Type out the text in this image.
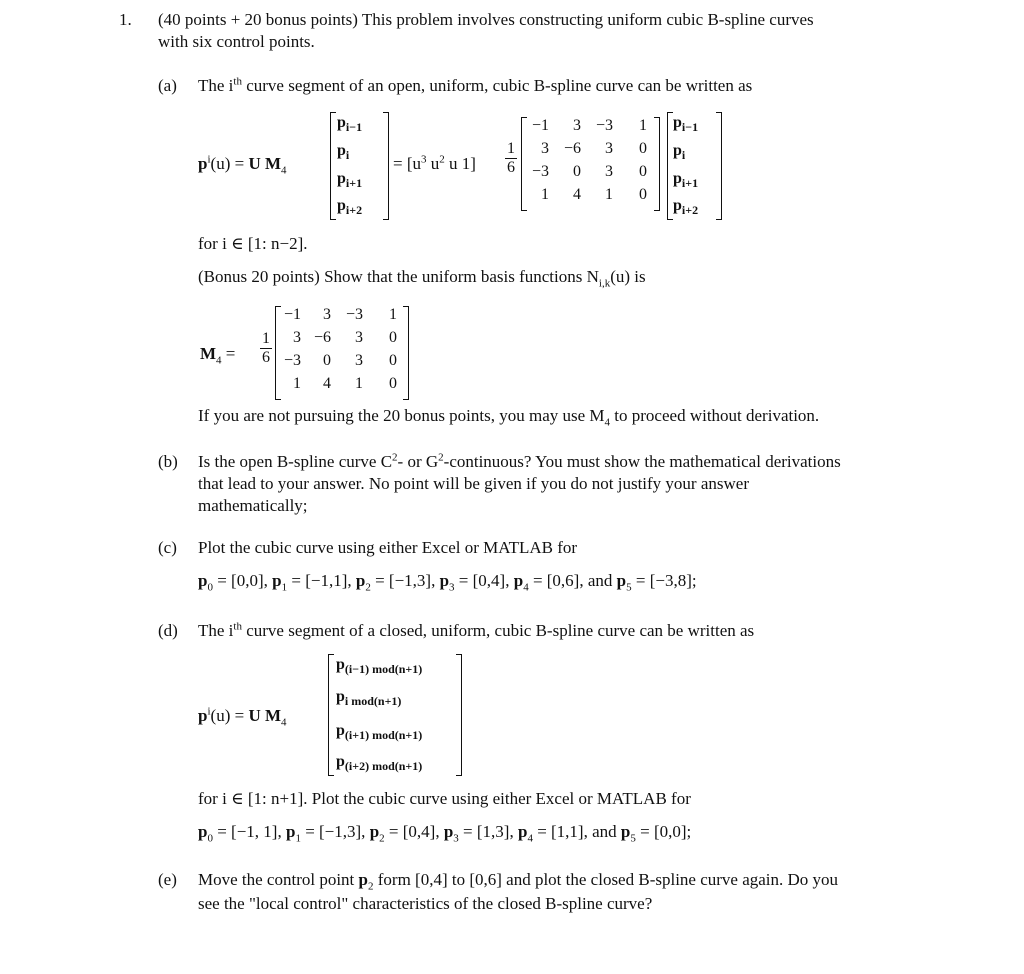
1. (40 points + 20 bonus points) This problem involves constructing uniform cubic B-spline curves
with six control points.
(a) The $i^{th}$ curve segment of an open, uniform, cubic B-spline curve can be written as
$p^i(u) = U$ $M_4$
$p_{i-1}$
$p_i$
$p_{i+1}$
$p_{i+2}$
= [$u^3$ $u^2$ u 1]
1
6
−1	3 −3	1
3 −6	3	0
−3	0	3	0
1	4	1	0
$p_{i-1}$
$p_i$
$p_{i+1}$
$p_{i+2}$
for i ∈ [1: n−2].
(Bonus 20 points) Show that the uniform basis functions $N_{i,k}(u)$ is
$M_4$ =
1
6
−1	3 −3	1
3 −6	3	0
−3	0	3	0
1	4	1	0
If you are not pursuing the 20 bonus points, you may use $M_4$ to proceed without derivation.
(b) Is the open B-spline curve $C^2-$ or $G^2$-continuous? You must show the mathematical derivations
that lead to your answer. No point will be given if you do not justify your answer
mathematically;
(c) Plot the cubic curve using either Excel or MATLAB for
$p_0 = [0,0]$, $p_1 = [-1,1]$, $p_2 = [-1,3]$, $p_3 = [0,4]$, $p_4 = [0,6]$, and $p_5 = [-3,8]$;
(d) The $i^{th}$ curve segment of a closed, uniform, cubic B-spline curve can be written as
$p^i(u) = U$ $M_4$
$p_{(i-1) mod(n+1)}$
$p_{i mod(n+1)}$
$p_{(i+1) mod(n+1)}$
$p_{(i+2) mod(n+1)}$
for i ∈ [1: n+1]. Plot the cubic curve using either Excel or MATLAB for
$p_0 = [-1$, 1], $p_1 = [-1,3]$, $p_2 = [0,4]$, $p_3 = [1,3]$, $p_4 = [1,1]$, and $p_5 = [0,0]$;
(e) Move the control point $p_2$ form [0,4] to [0,6] and plot the closed B-spline curve again. Do you
see the "local control" characteristics of the closed B-spline curve?
